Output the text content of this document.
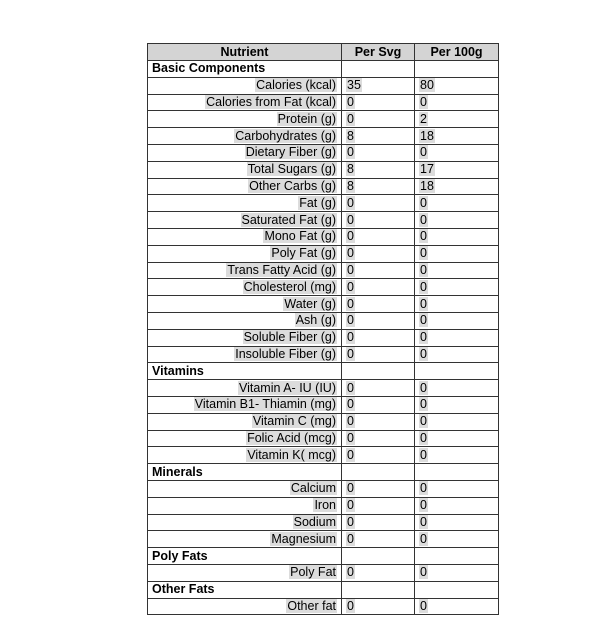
Nutrient	Per Svg	Per 100g
Basic Components		
Calories (kcal)	35	80
Calories from Fat (kcal)	0	0
Protein (g)	0	2
Carbohydrates (g)	8	18
Dietary Fiber (g)	0	0
Total Sugars (g)	8	17
Other Carbs (g)	8	18
Fat (g)	0	0
Saturated Fat (g)	0	0
Mono Fat (g)	0	0
Poly Fat (g)	0	0
Trans Fatty Acid (g)	0	0
Cholesterol (mg)	0	0
Water (g)	0	0
Ash (g)	0	0
Soluble Fiber (g)	0	0
Insoluble Fiber (g)	0	0
Vitamins		
Vitamin A- IU (IU)	0	0
Vitamin B1- Thiamin (mg)	0	0
Vitamin C (mg)	0	0
Folic Acid (mcg)	0	0
Vitamin K( mcg)	0	0
Minerals		
Calcium	0	0
Iron	0	0
Sodium	0	0
Magnesium	0	0
Poly Fats		
Poly Fat	0	0
Other Fats		
Other fat	0	0
